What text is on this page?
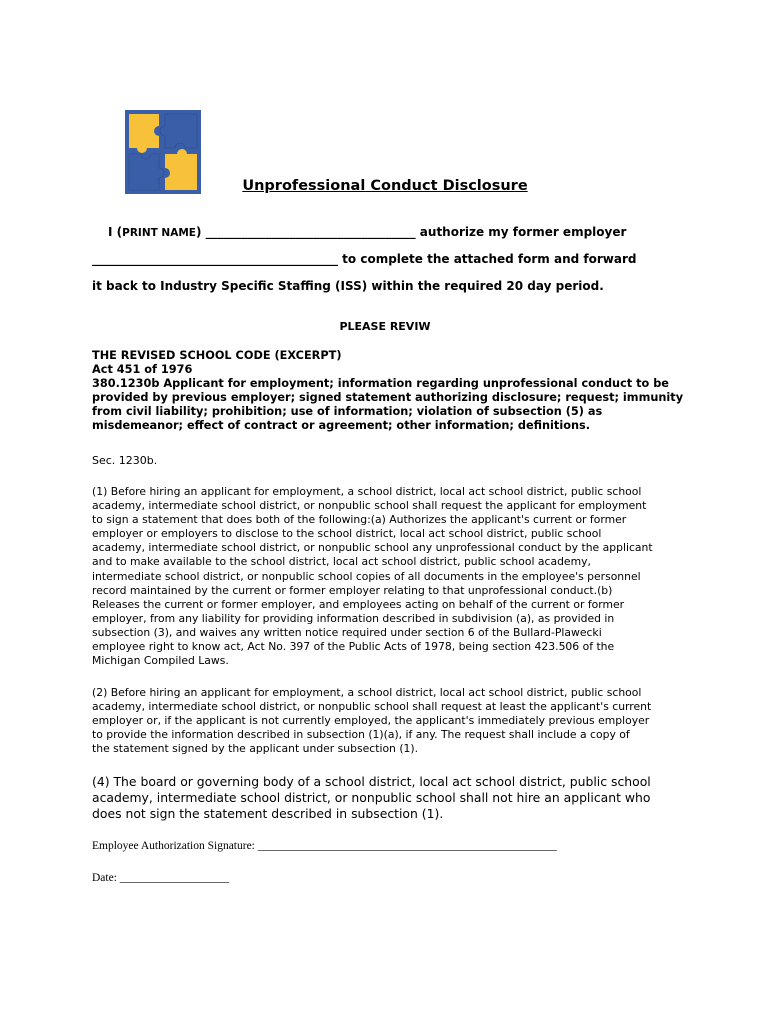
Unprofessional Conduct Disclosure
I (PRINT NAME) ___________________________________ authorize my former employer
_________________________________________ to complete the attached form and forward
it back to Industry Specific Staffing (ISS) within the required 20 day period.
PLEASE REVIW
THE REVISED SCHOOL CODE (EXCERPT)
Act 451 of 1976
380.1230b Applicant for employment; information regarding unprofessional conduct to be
provided by previous employer; signed statement authorizing disclosure; request; immunity
from civil liability; prohibition; use of information; violation of subsection (5) as
misdemeanor; effect of contract or agreement; other information; definitions.
Sec. 1230b.
(1) Before hiring an applicant for employment, a school district, local act school district, public school
academy, intermediate school district, or nonpublic school shall request the applicant for employment
to sign a statement that does both of the following:(a) Authorizes the applicant's current or former
employer or employers to disclose to the school district, local act school district, public school
academy, intermediate school district, or nonpublic school any unprofessional conduct by the applicant
and to make available to the school district, local act school district, public school academy,
intermediate school district, or nonpublic school copies of all documents in the employee's personnel
record maintained by the current or former employer relating to that unprofessional conduct.(b)
Releases the current or former employer, and employees acting on behalf of the current or former
employer, from any liability for providing information described in subdivision (a), as provided in
subsection (3), and waives any written notice required under section 6 of the Bullard-Plawecki
employee right to know act, Act No. 397 of the Public Acts of 1978, being section 423.506 of the
Michigan Compiled Laws.
(2) Before hiring an applicant for employment, a school district, local act school district, public school
academy, intermediate school district, or nonpublic school shall request at least the applicant's current
employer or, if the applicant is not currently employed, the applicant's immediately previous employer
to provide the information described in subsection (1)(a), if any. The request shall include a copy of
the statement signed by the applicant under subsection (1).
(4) The board or governing body of a school district, local act school district, public school
academy, intermediate school district, or nonpublic school shall not hire an applicant who
does not sign the statement described in subsection (1).
Employee Authorization Signature: ____________________________________________________
Date: ___________________
